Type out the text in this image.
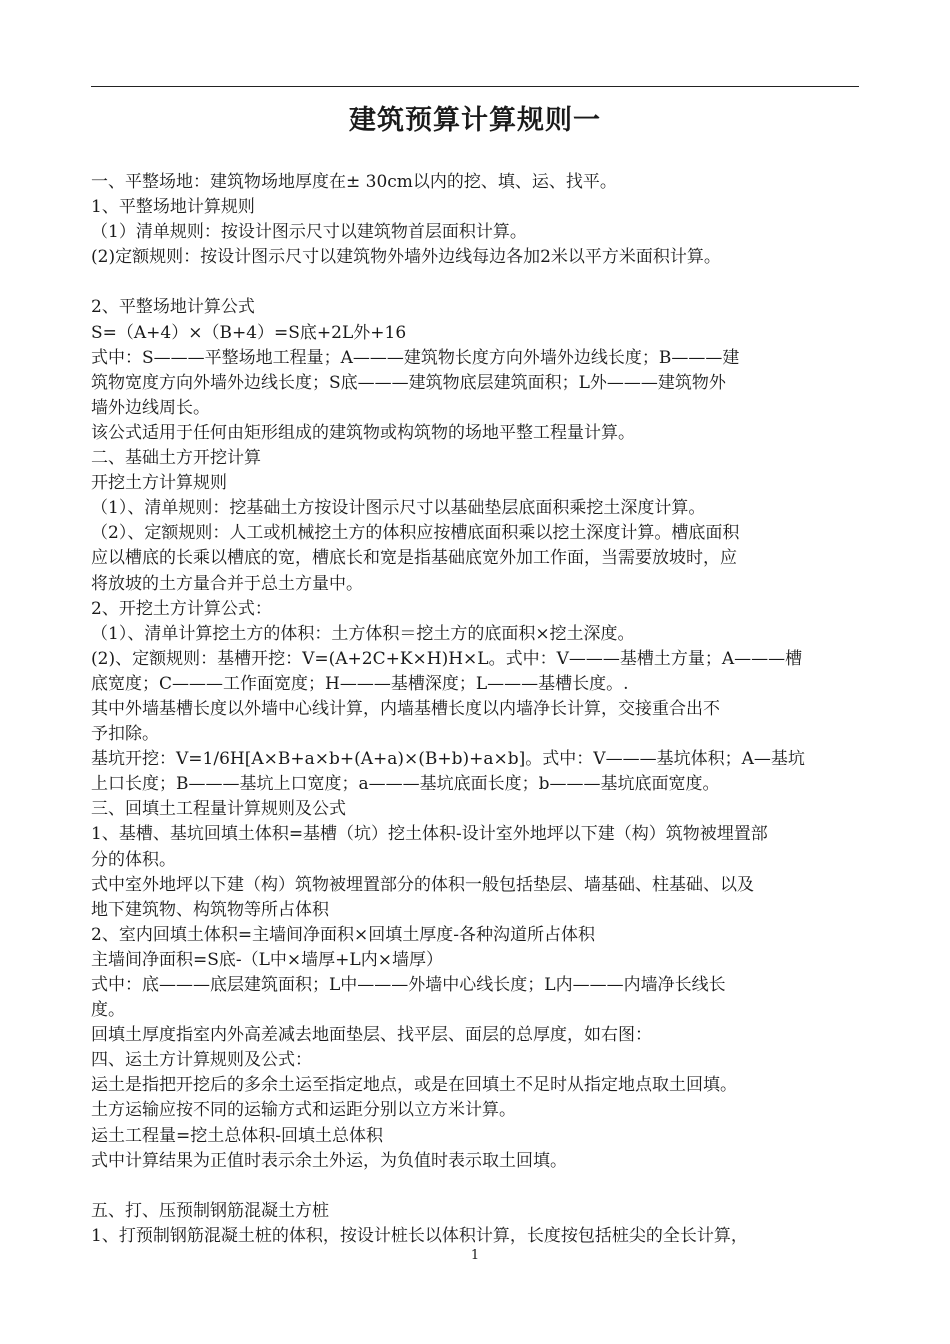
建筑预算计算规则一
一、平整场地：建筑物场地厚度在± 30cm以内的挖、填、运、找平。
1、平整场地计算规则
（1）清单规则：按设计图示尺寸以建筑物首层面积计算。
(2)定额规则：按设计图示尺寸以建筑物外墙外边线每边各加2米以平方米面积计算。
2、平整场地计算公式
S=（A+4）×（B+4）=S底+2L外+16
式中：S———平整场地工程量；A———建筑物长度方向外墙外边线长度；B———建
筑物宽度方向外墙外边线长度；S底———建筑物底层建筑面积；L外———建筑物外
墙外边线周长。
该公式适用于任何由矩形组成的建筑物或构筑物的场地平整工程量计算。
二、基础土方开挖计算
开挖土方计算规则
（1）、清单规则：挖基础土方按设计图示尺寸以基础垫层底面积乘挖土深度计算。
（2）、定额规则：人工或机械挖土方的体积应按槽底面积乘以挖土深度计算。槽底面积
应以槽底的长乘以槽底的宽，槽底长和宽是指基础底宽外加工作面，当需要放坡时，应
将放坡的土方量合并于总土方量中。
2、开挖土方计算公式：
（1）、清单计算挖土方的体积：土方体积＝挖土方的底面积×挖土深度。
(2)、定额规则：基槽开挖：V=(A+2C+K×H)H×L。式中：V———基槽土方量；A———槽
底宽度；C———工作面宽度；H———基槽深度；L———基槽长度。.
其中外墙基槽长度以外墙中心线计算，内墙基槽长度以内墙净长计算，交接重合出不
予扣除。
基坑开挖：V=1/6H[A×B+a×b+(A+a)×(B+b)+a×b]。式中：V———基坑体积；A—基坑
上口长度；B———基坑上口宽度；a———基坑底面长度；b———基坑底面宽度。
三、回填土工程量计算规则及公式
1、基槽、基坑回填土体积=基槽（坑）挖土体积-设计室外地坪以下建（构）筑物被埋置部
分的体积。
式中室外地坪以下建（构）筑物被埋置部分的体积一般包括垫层、墙基础、柱基础、以及
地下建筑物、构筑物等所占体积
2、室内回填土体积=主墙间净面积×回填土厚度-各种沟道所占体积
主墙间净面积=S底-（L中×墙厚+L内×墙厚）
式中：底———底层建筑面积；L中———外墙中心线长度；L内———内墙净长线长
度。
回填土厚度指室内外高差减去地面垫层、找平层、面层的总厚度，如右图：
四、运土方计算规则及公式：
运土是指把开挖后的多余土运至指定地点，或是在回填土不足时从指定地点取土回填。
土方运输应按不同的运输方式和运距分别以立方米计算。
运土工程量=挖土总体积-回填土总体积
式中计算结果为正值时表示余土外运，为负值时表示取土回填。
五、打、压预制钢筋混凝土方桩
1、打预制钢筋混凝土桩的体积，按设计桩长以体积计算，长度按包括桩尖的全长计算，
1
